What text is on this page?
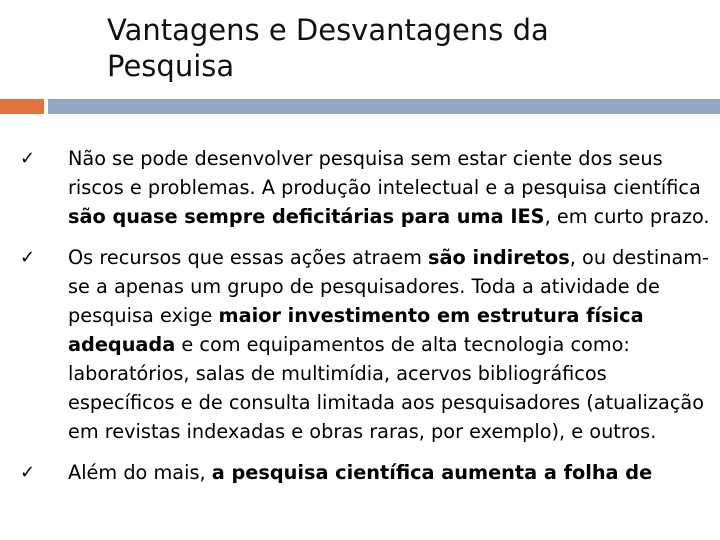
Vantagens e Desvantagens da
Pesquisa
✓	Não se pode desenvolver pesquisa sem estar ciente dos seus riscos e problemas. A produção intelectual e a pesquisa científica são quase sempre deficitárias para uma IES, em curto prazo.
✓	Os recursos que essas ações atraem são indiretos, ou destinam-se a apenas um grupo de pesquisadores. Toda a atividade de pesquisa exige maior investimento em estrutura física adequada e com equipamentos de alta tecnologia como: laboratórios, salas de multimídia, acervos bibliográficos específicos e de consulta limitada aos pesquisadores (atualização em revistas indexadas e obras raras, por exemplo), e outros.
✓	Além do mais, a pesquisa científica aumenta a folha de
